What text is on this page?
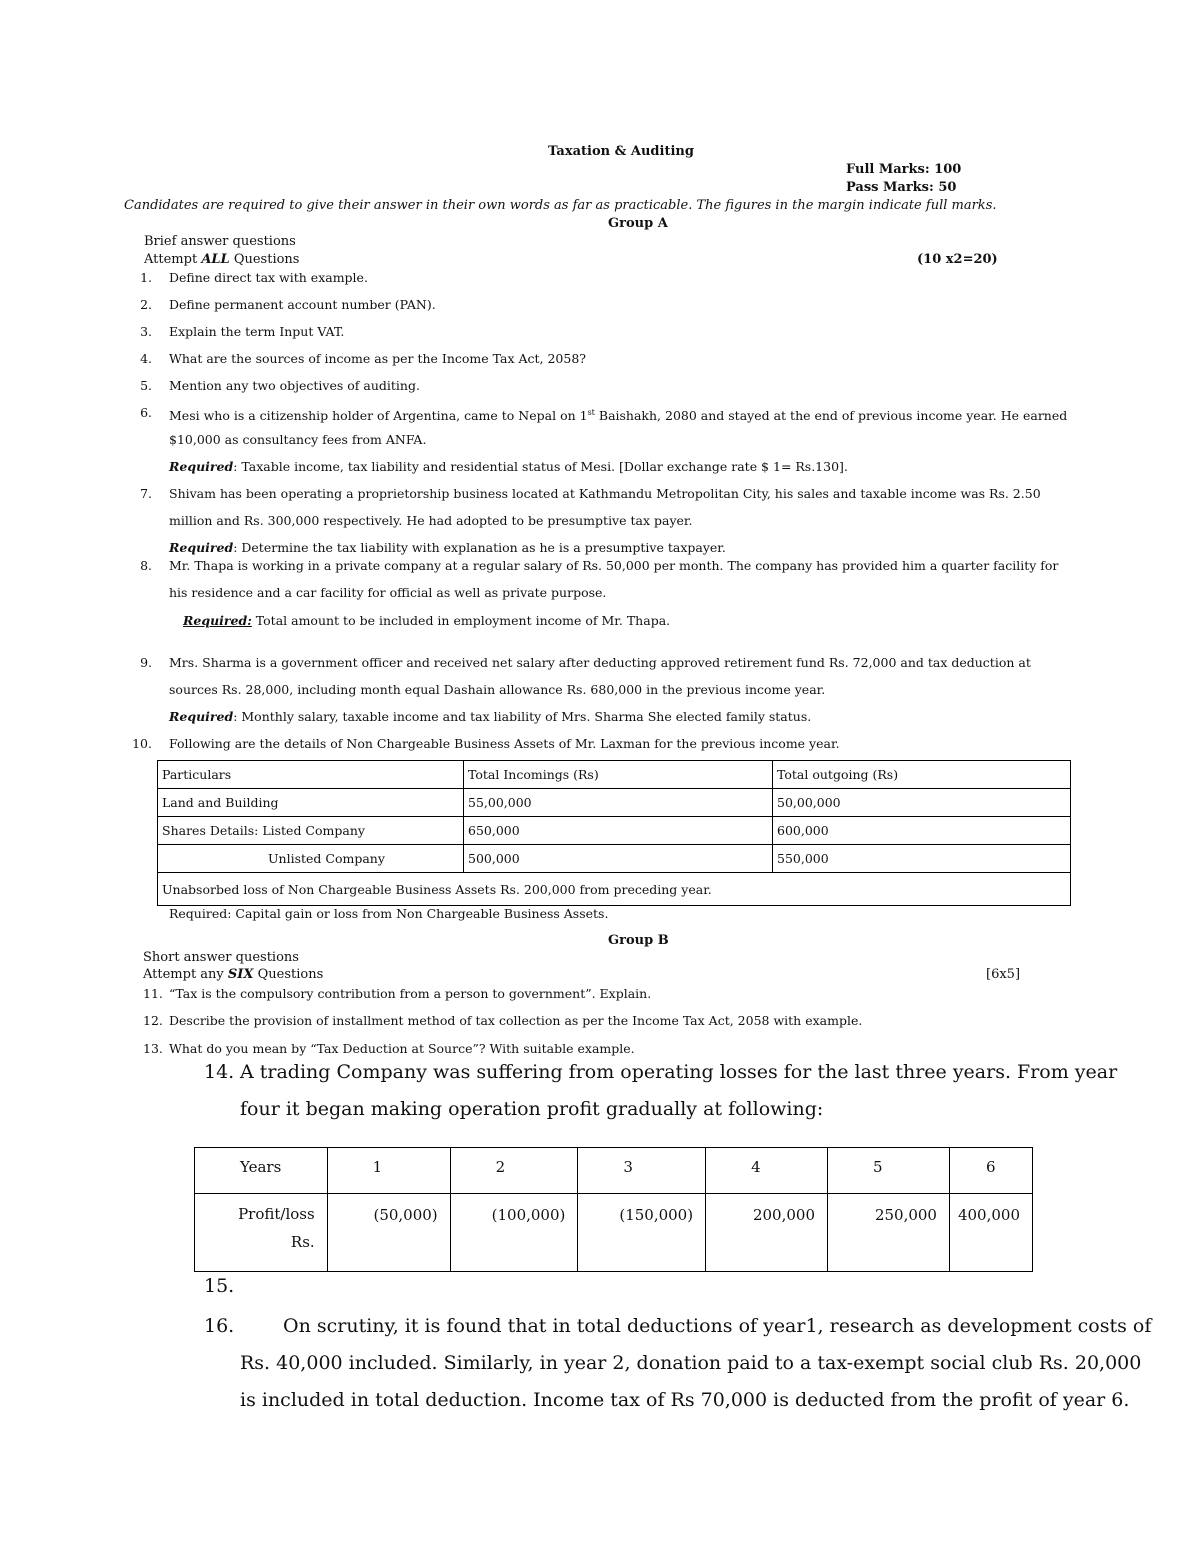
Taxation & Auditing
Full Marks: 100
Pass Marks: 50
Candidates are required to give their answer in their own words as far as practicable. The figures in the margin indicate full marks.
Group A
Brief answer questions
Attempt ALL Questions	(10 x2=20)
1. Define direct tax with example.
2. Define permanent account number (PAN).
3. Explain the term Input VAT.
4. What are the sources of income as per the Income Tax Act, 2058?
5. Mention any two objectives of auditing.
6. Mesi who is a citizenship holder of Argentina, came to Nepal on 1st Baishakh, 2080 and stayed at the end of previous income year. He earned
$10,000 as consultancy fees from ANFA.
Required: Taxable income, tax liability and residential status of Mesi. [Dollar exchange rate $ 1= Rs.130].
7. Shivam has been operating a proprietorship business located at Kathmandu Metropolitan City, his sales and taxable income was Rs. 2.50
million and Rs. 300,000 respectively. He had adopted to be presumptive tax payer.
Required: Determine the tax liability with explanation as he is a presumptive taxpayer.
8. Mr. Thapa is working in a private company at a regular salary of Rs. 50,000 per month. The company has provided him a quarter facility for
his residence and a car facility for official as well as private purpose.
Required: Total amount to be included in employment income of Mr. Thapa.
9. Mrs. Sharma is a government officer and received net salary after deducting approved retirement fund Rs. 72,000 and tax deduction at
sources Rs. 28,000, including month equal Dashain allowance Rs. 680,000 in the previous income year.
Required: Monthly salary, taxable income and tax liability of Mrs. Sharma She elected family status.
10. Following are the details of Non Chargeable Business Assets of Mr. Laxman for the previous income year.
Particulars	Total Incomings (Rs)	Total outgoing (Rs)
Land and Building	55,00,000	50,00,000
Shares Details: Listed Company	650,000	600,000
Unlisted Company	500,000	550,000
Unabsorbed loss of Non Chargeable Business Assets Rs. 200,000 from preceding year.		
Required: Capital gain or loss from Non Chargeable Business Assets.
Group B
Short answer questions
Attempt any SIX Questions	[6x5]
11. “Tax is the compulsory contribution from a person to government”. Explain.
12. Describe the provision of installment method of tax collection as per the Income Tax Act, 2058 with example.
13. What do you mean by “Tax Deduction at Source”? With suitable example.
14. A trading Company was suffering from operating losses for the last three years. From year
four it began making operation profit gradually at following:
Years	1	2	3	4	5	6

Profit/loss
Rs.	(50,000)	(100,000)	(150,000)	200,000	250,000	400,000
15.
16.	On scrutiny, it is found that in total deductions of year1, research as development costs of
Rs. 40,000 included. Similarly, in year 2, donation paid to a tax-exempt social club Rs. 20,000
is included in total deduction. Income tax of Rs 70,000 is deducted from the profit of year 6.
